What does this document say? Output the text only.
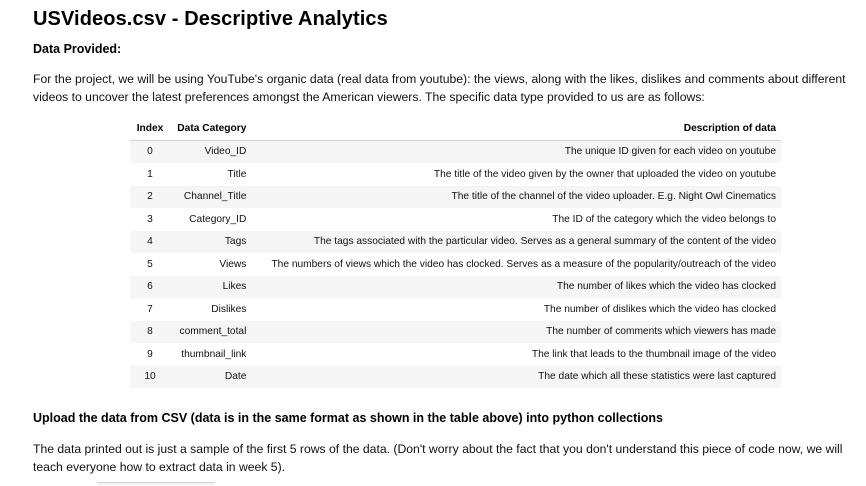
USVideos.csv - Descriptive Analytics

Data Provided:

For the project, we will be using YouTube's organic data (real data from youtube): the views, along with the likes, dislikes and comments about different videos to uncover the latest preferences amongst the American viewers. The specific data type provided to us are as follows:

Index	Data Category	Description of data
0	Video_ID	The unique ID given for each video on youtube
1	Title	The title of the video given by the owner that uploaded the video on youtube
2	Channel_Title	The title of the channel of the video uploader. E.g. Night Owl Cinematics
3	Category_ID	The ID of the category which the video belongs to
4	Tags	The tags associated with the particular video. Serves as a general summary of the content of the video
5	Views	The numbers of views which the video has clocked. Serves as a measure of the popularity/outreach of the video
6	Likes	The number of likes which the video has clocked
7	Dislikes	The number of dislikes which the video has clocked
8	comment_total	The number of comments which viewers has made
9	thumbnail_link	The link that leads to the thumbnail image of the video
10	Date	The date which all these statistics were last captured

Upload the data from CSV (data is in the same format as shown in the table above) into python collections

The data printed out is just a sample of the first 5 rows of the data. (Don't worry about the fact that you don't understand this piece of code now, we will teach everyone how to extract data in week 5).
